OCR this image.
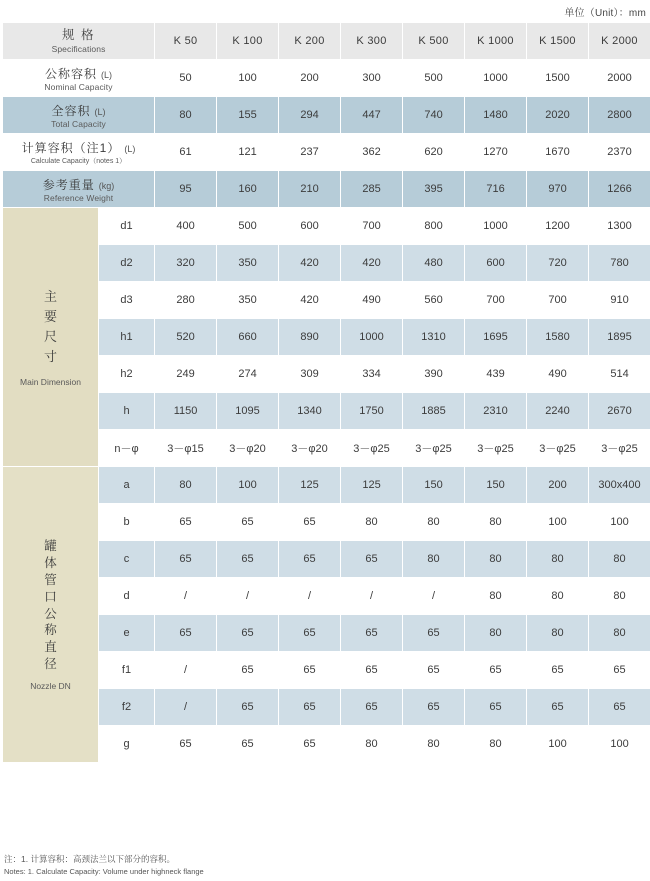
单位（Unit）：mm
规 格
Specifications		K 50	K 100	K 200	K 300	K 500	K 1000	K 1500	K 2000

公称容积 (L)
Nominal Capacity		50	100	200	300	500	1000	1500	2000

全容积 (L)
Total Capacity		80	155	294	447	740	1480	2020	2800

计算容积（注1） (L)
Calculate Capacity（notes 1）		61	121	237	362	620	1270	1670	2370

参考重量 (kg)
Reference Weight		95	160	210	285	395	716	970	1266

主
要
尺
寸
Main Dimension	d1	400	500	600	700	800	1000	1200	1300
	d2	320	350	420	420	480	600	720	780
	d3	280	350	420	490	560	700	700	910
	h1	520	660	890	1000	1310	1695	1580	1895
	h2	249	274	309	334	390	439	490	514
	h	1150	1095	1340	1750	1885	2310	2240	2670
	n－φ	3－φ15	3－φ20	3－φ20	3－φ25	3－φ25	3－φ25	3－φ25	3－φ25

罐
体
管
口
公
称
直
径
Nozzle DN
	a	80	100	125	125	150	150	200	300x400
	b	65	65	65	80	80	80	100	100
	c	65	65	65	65	80	80	80	80
	d	/	/	/	/	/	80	80	80
	e	65	65	65	65	65	80	80	80
	f1	/	65	65	65	65	65	65	65
	f2	/	65	65	65	65	65	65	65
	g	65	65	65	80	80	80	100	100
注：1. 计算容积：高颈法兰以下部分的容积。
Notes: 1. Calculate Capacity: Volume under highneck flange
